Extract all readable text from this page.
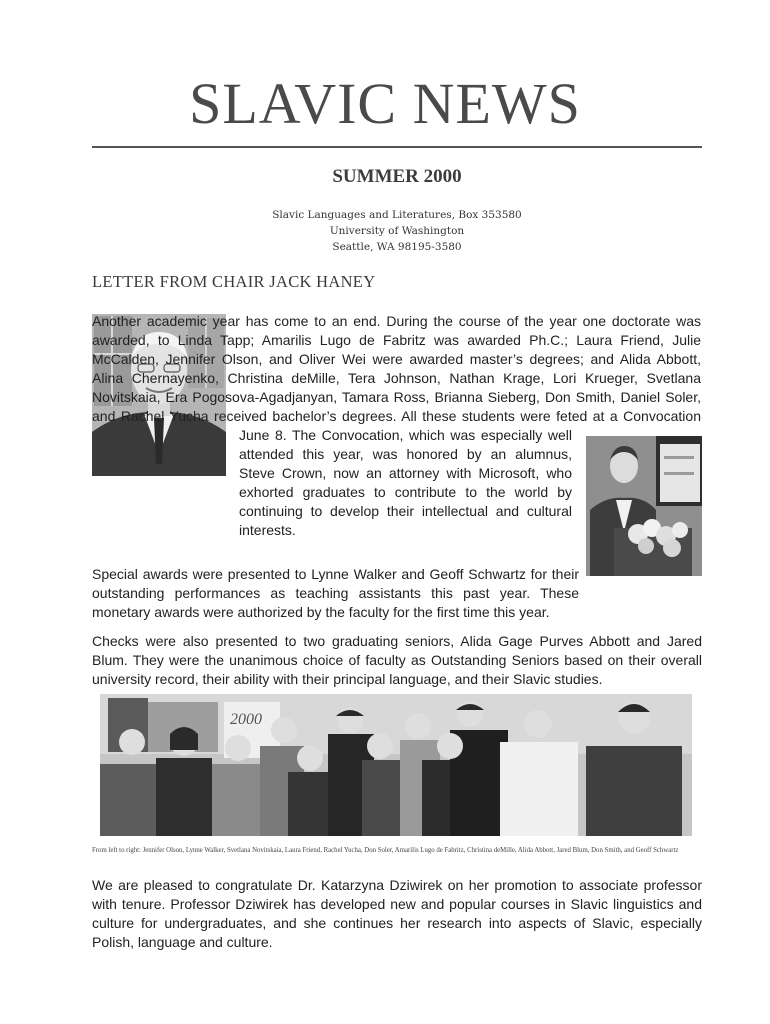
SLAVIC NEWS
SUMMER 2000
Slavic Languages and Literatures, Box 353580
University of Washington
Seattle, WA 98195-3580
LETTER FROM CHAIR JACK HANEY
Another academic year has come to an end. During the course of the year one doctorate was awarded, to Linda Tapp; Amarilis Lugo de Fabritz was awarded Ph.C.; Laura Friend, Julie McCalden, Jennifer Olson, and Oliver Wei were awarded master’s degrees; and Alida Abbott, Alina Chernayenko, Christina deMille, Tera Johnson, Nathan Krage, Lori Krueger, Svetlana Novitskaia, Era Pogosova-Agadjanyan, Tamara Ross, Brianna Sieberg, Don Smith, Daniel Soler, and Rachel Yucha received bachelor’s degrees. All these students were feted at a Convocation June 8. The Convocation, which was especially well attended this year, was honored by an alumnus, Steve Crown, now an attorney with Microsoft, who exhorted graduates to contribute to the world by continuing to develop their intellectual and cultural interests.

Special awards were presented to Lynne Walker and Geoff Schwartz for their outstanding performances as teaching assistants this past year. These monetary awards were authorized by the faculty for the first time this year.

Checks were also presented to two graduating seniors, Alida Gage Purves Abbott and Jared Blum. They were the unanimous choice of faculty as Outstanding Seniors based on their overall university record, their ability with their principal language, and their Slavic studies.

2000
From left to right: Jennifer Olson, Lynne Walker, Svetlana Novitskaia, Laura Friend, Rachel Yucha, Don Soler, Amarilis Lugo de Fabritz, Christina deMille, Alida Abbott, Jared Blum, Don Smith, and Geoff Schwartz

We are pleased to congratulate Dr. Katarzyna Dziwirek on her promotion to associate professor with tenure. Professor Dziwirek has developed new and popular courses in Slavic linguistics and culture for undergraduates, and she continues her research into aspects of Slavic, especially Polish, language and culture.
